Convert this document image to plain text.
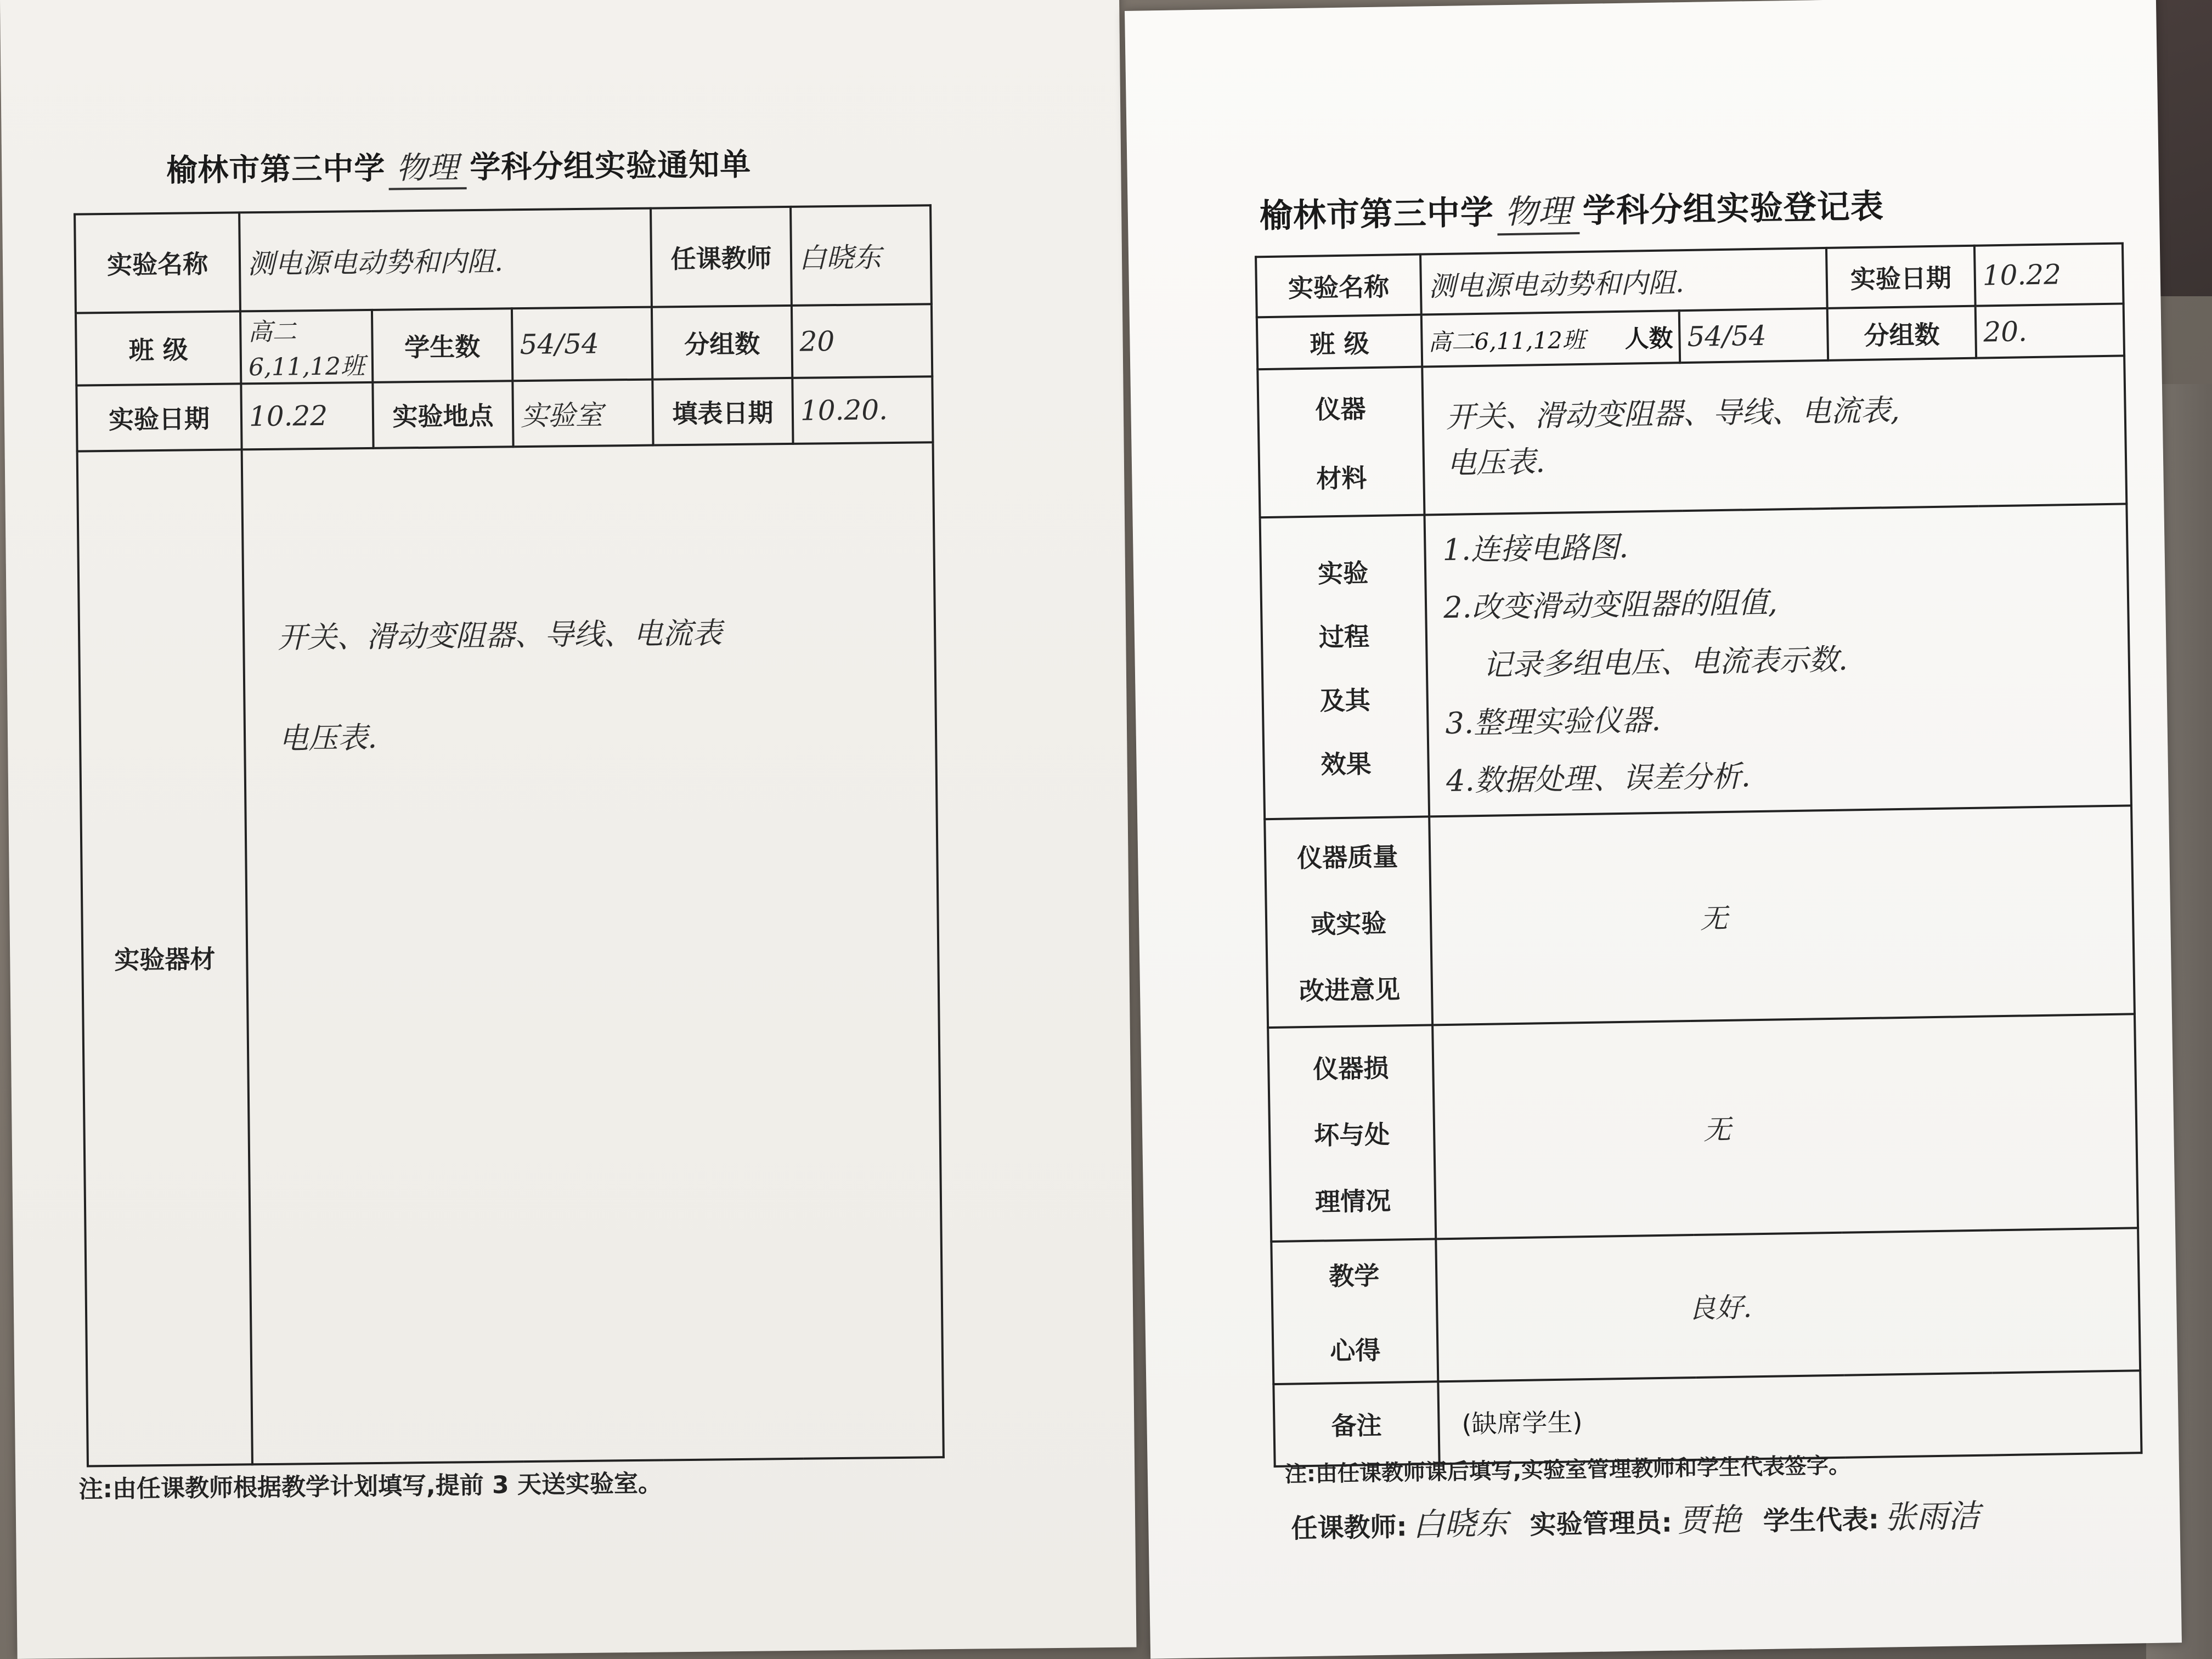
榆林市第三中学 物理 学科分组实验通知单
实验名称	测电源电动势和内阻.			任课教师	白晓东
班 级	高二6,11,12班	学生数	54/54	分组数	20
实验日期	10.22	实验地点	实验室	填表日期	10.20.
实验器材	开关、滑动变阻器、导线、电流表
电压表.				
注:由任课教师根据教学计划填写,提前 3 天送实验室。
榆林市第三中学 物理 学科分组实验登记表
实验名称	测电源电动势和内阻.		实验日期	10.22
班 级	高二6,11,12班 人数	54/54	分组数	20.

仪器
材料	开关、滑动变阻器、导线、电流表,
电压表.			

实验
过程
及其
效果	1.连接电路图.
2.改变滑动变阻器的阻值,
记录多组电压、电流表示数.
3.整理实验仪器.
4.数据处理、误差分析.			

仪器质量
或实验
改进意见	无			

仪器损
坏与处
理情况	无			

教学
心得	良好.			
备注	(缺席学生)			
注:由任课教师课后填写,实验室管理教师和学生代表签字。
任课教师: 白晓东 实验管理员: 贾艳 学生代表: 张雨洁
